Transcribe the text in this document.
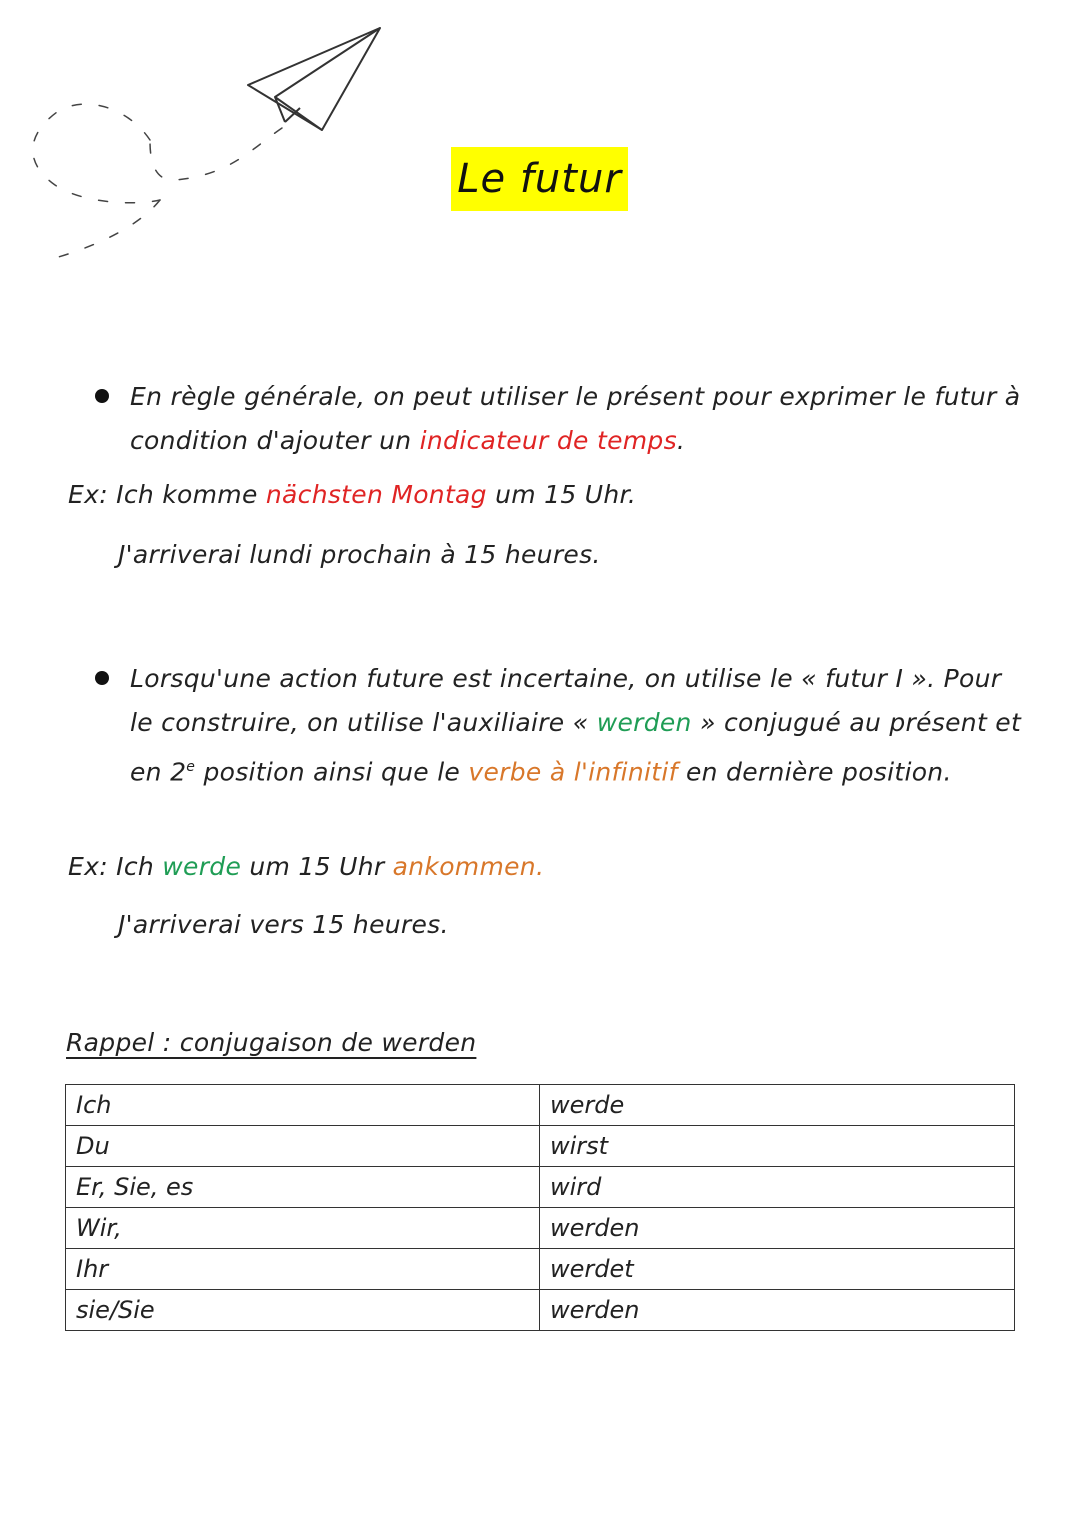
Le futur
En règle générale, on peut utiliser le présent pour exprimer le futur à condition d'ajouter un indicateur de temps.
Ex: Ich komme nächsten Montag um 15 Uhr.
J'arriverai lundi prochain à 15 heures.
Lorsqu'une action future est incertaine, on utilise le « futur I ». Pour le construire, on utilise l'auxiliaire « werden » conjugué au présent et en 2e position ainsi que le verbe à l'infinitif en dernière position.
Ex: Ich werde um 15 Uhr ankommen.
J'arriverai vers 15 heures.
Rappel : conjugaison de werden
Ich	werde
Du	wirst
Er, Sie, es	wird
Wir,	werden
Ihr	werdet
sie/Sie	werden
